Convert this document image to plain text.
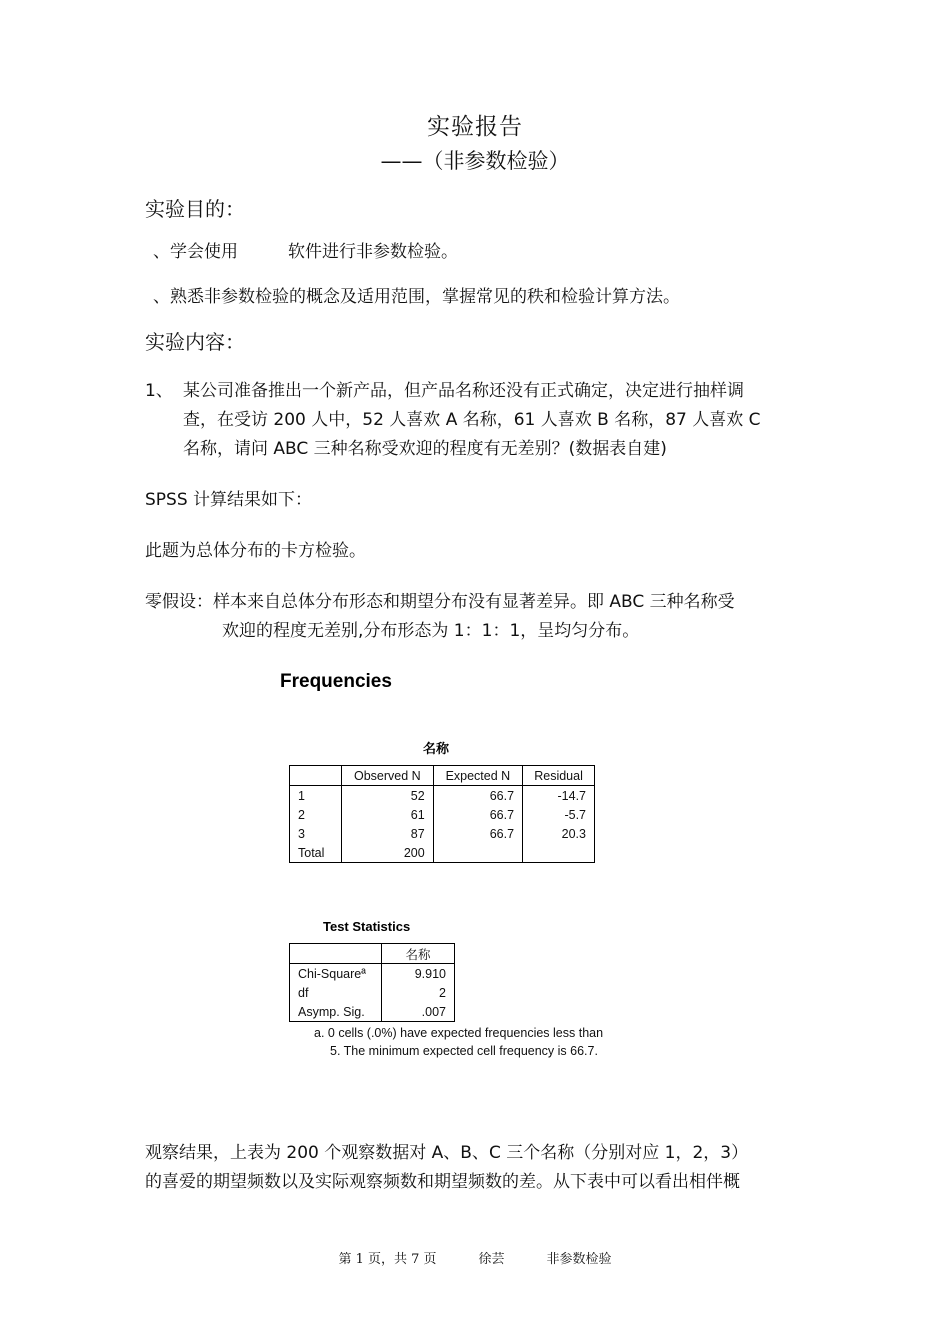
实验报告
——（非参数检验）
实验目的：
、学会使用	软件进行非参数检验。
、熟悉非参数检验的概念及适用范围，掌握常见的秩和检验计算方法。
实验内容：
1、 某公司准备推出一个新产品，但产品名称还没有正式确定，决定进行抽样调
查，在受访 200 人中，52 人喜欢 A 名称，61 人喜欢 B 名称，87 人喜欢 C
名称，请问 ABC 三种名称受欢迎的程度有无差别？(数据表自建)
SPSS 计算结果如下：
此题为总体分布的卡方检验。
零假设：样本来自总体分布形态和期望分布没有显著差异。即 ABC 三种名称受
欢迎的程度无差别,分布形态为 1：1：1，呈均匀分布。
Frequencies
名称
	Observed N	Expected N	Residual
1	52	66.7	-14.7
2	61	66.7	-5.7
3	87	66.7	20.3
Total	200		
Test Statistics
	名称
Chi-Squareª	9.910
df	2
Asymp. Sig.	.007
a. 0 cells (.0%) have expected frequencies less than
5. The minimum expected cell frequency is 66.7.
观察结果，上表为 200 个观察数据对 A、B、C 三个名称（分别对应 1，2，3）
的喜爱的期望频数以及实际观察频数和期望频数的差。从下表中可以看出相伴概
第 1 页，共 7 页	徐芸	非参数检验
